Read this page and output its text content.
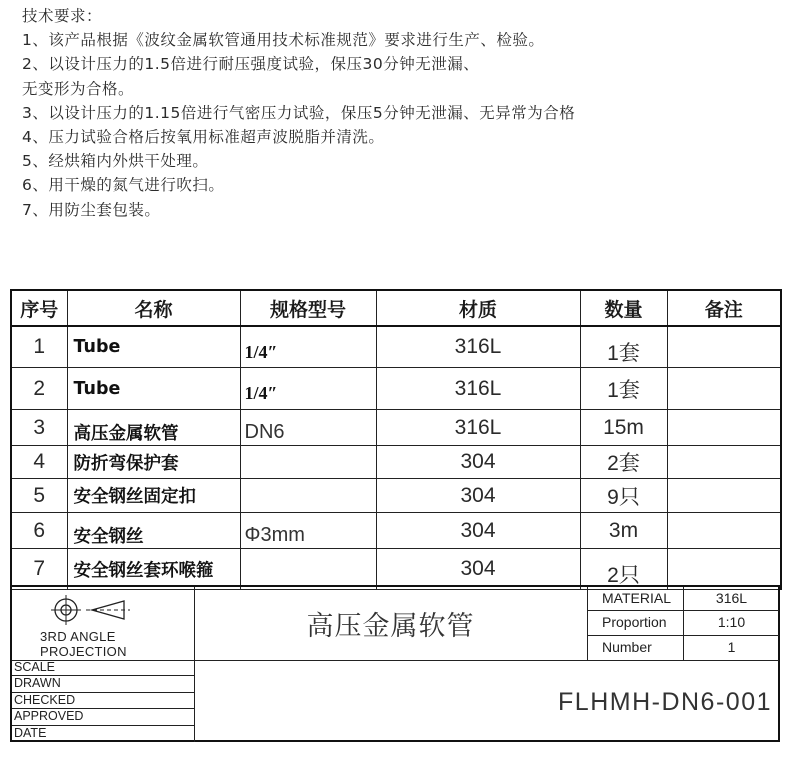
技术要求：
1、该产品根据《波纹金属软管通用技术标准规范》要求进行生产、检验。
2、以设计压力的1.5倍进行耐压强度试验，保压30分钟无泄漏、
无变形为合格。
3、以设计压力的1.15倍进行气密压力试验，保压5分钟无泄漏、无异常为合格
4、压力试验合格后按氧用标准超声波脱脂并清洗。
5、经烘箱内外烘干处理。
6、用干燥的氮气进行吹扫。
7、用防尘套包装。
序号	名称	规格型号	材质	数量	备注
1	Tube	1/4″	316L	1套	
2	Tube	1/4″	316L	1套	
3	高压金属软管	DN6	316L	15m	
4	防折弯保护套		304	2套	
5	安全钢丝固定扣		304	9只	
6	安全钢丝	Φ3mm	304	3m	
7	安全钢丝套环喉箍		304	2只	
3RD ANGLE PROJECTION
高压金属软管
MATERIAL	316L
Proportion	1:10
Number	1
SCALE
DRAWN
CHECKED
APPROVED
DATE
FLHMH-DN6-001
